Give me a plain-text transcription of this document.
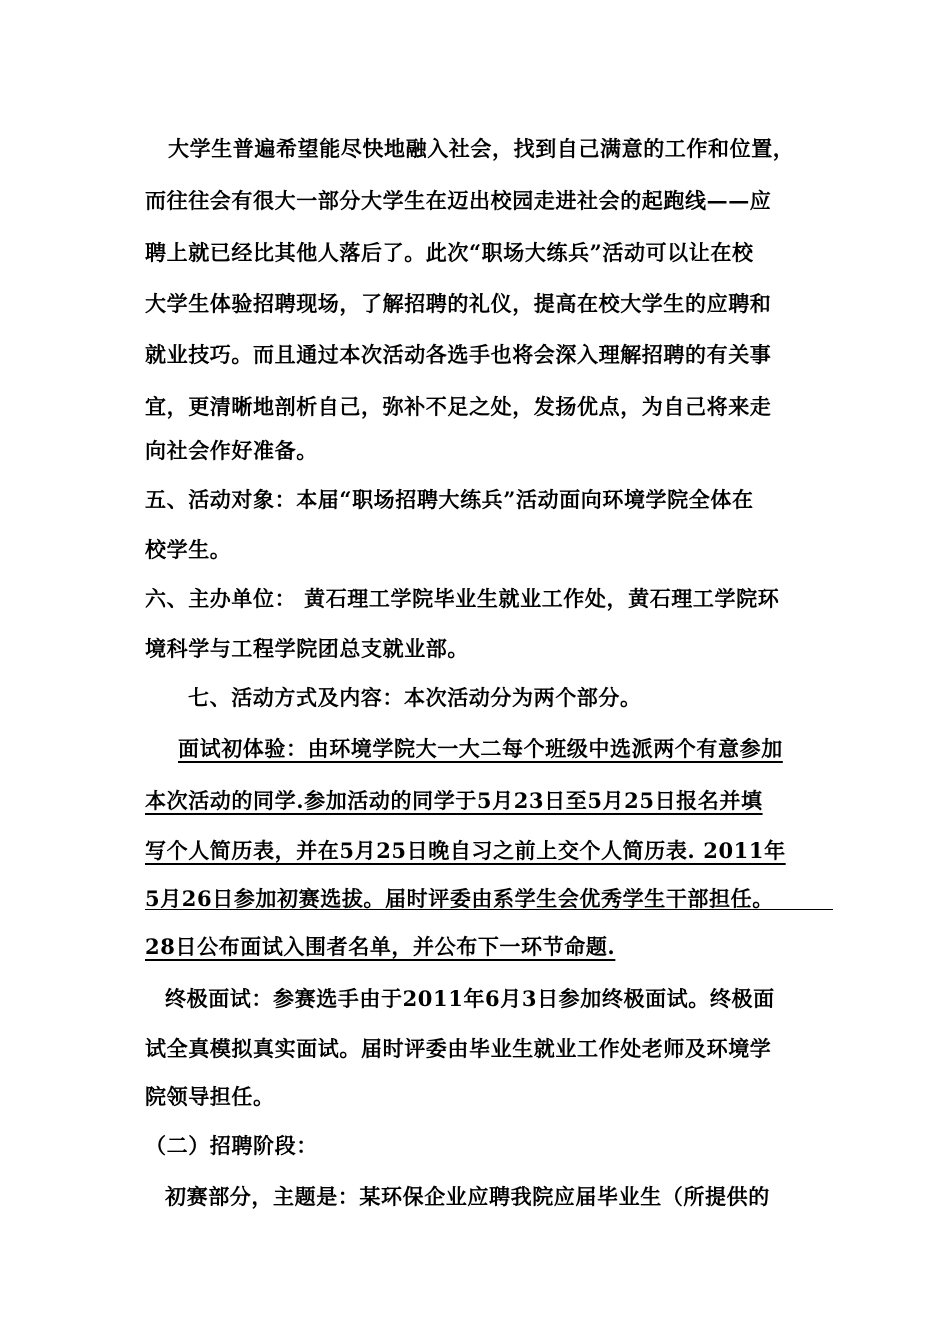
大学生普遍希望能尽快地融入社会，找到自己满意的工作和位置，
而往往会有很大一部分大学生在迈出校园走进社会的起跑线——应
聘上就已经比其他人落后了。此次“职场大练兵”活动可以让在校
大学生体验招聘现场，了解招聘的礼仪，提高在校大学生的应聘和
就业技巧。而且通过本次活动各选手也将会深入理解招聘的有关事
宜，更清晰地剖析自己，弥补不足之处，发扬优点，为自己将来走
向社会作好准备。
五、活动对象：本届“职场招聘大练兵”活动面向环境学院全体在
校学生。
六、主办单位： 黄石理工学院毕业生就业工作处，黄石理工学院环
境科学与工程学院团总支就业部。
七、活动方式及内容：本次活动分为两个部分。
面试初体验：由环境学院大一大二每个班级中选派两个有意参加
本次活动的同学.参加活动的同学于5月23日至5月25日报名并填
写个人简历表，并在5月25日晚自习之前上交个人简历表. 2011年
5月26日参加初赛选拔。届时评委由系学生会优秀学生干部担任。
28日公布面试入围者名单，并公布下一环节命题.
终极面试：参赛选手由于2011年6月3日参加终极面试。终极面
试全真模拟真实面试。届时评委由毕业生就业工作处老师及环境学
院领导担任。
（二）招聘阶段：
初赛部分，主题是：某环保企业应聘我院应届毕业生（所提供的
